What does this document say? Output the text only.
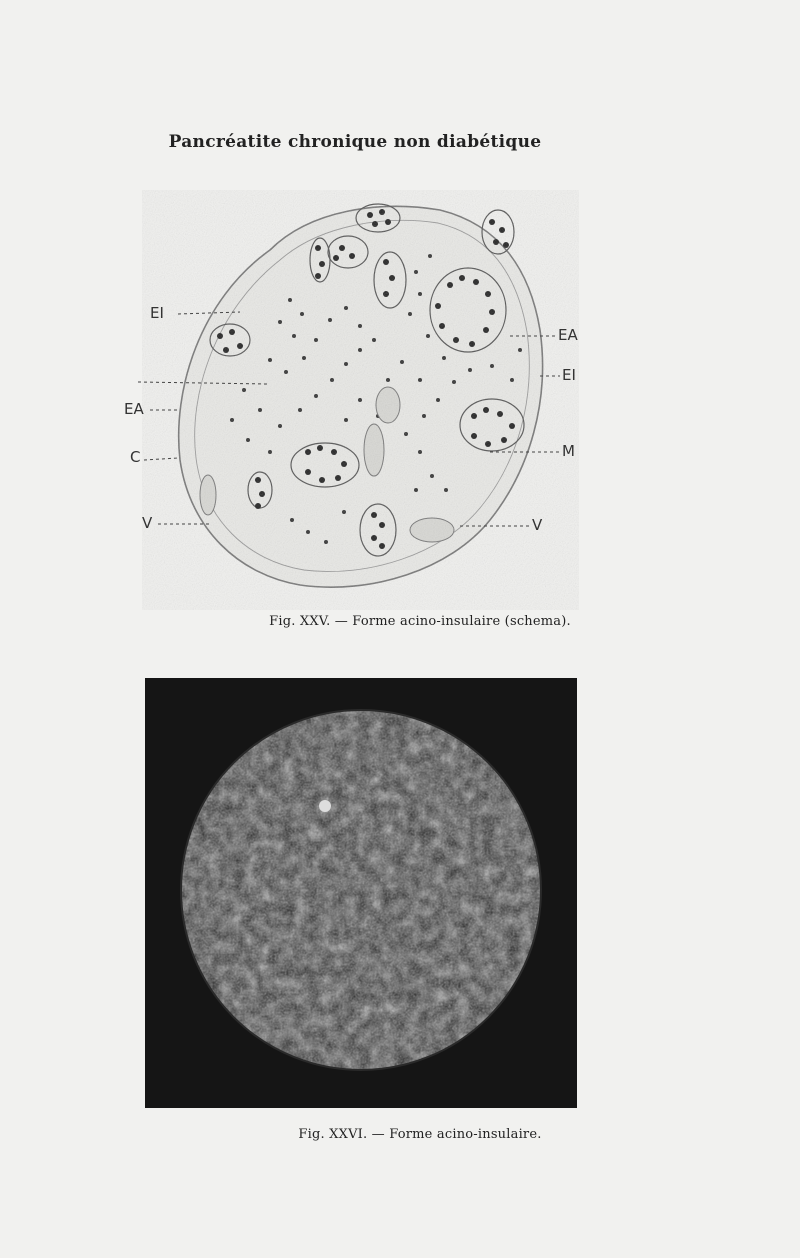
Pancréatite chronique non diabétique
EI
EA
C
V
EA
EI
M
V
Fig. XXV. — Forme acino-insulaire (schema).
Fig. XXVI. — Forme acino-insulaire.
